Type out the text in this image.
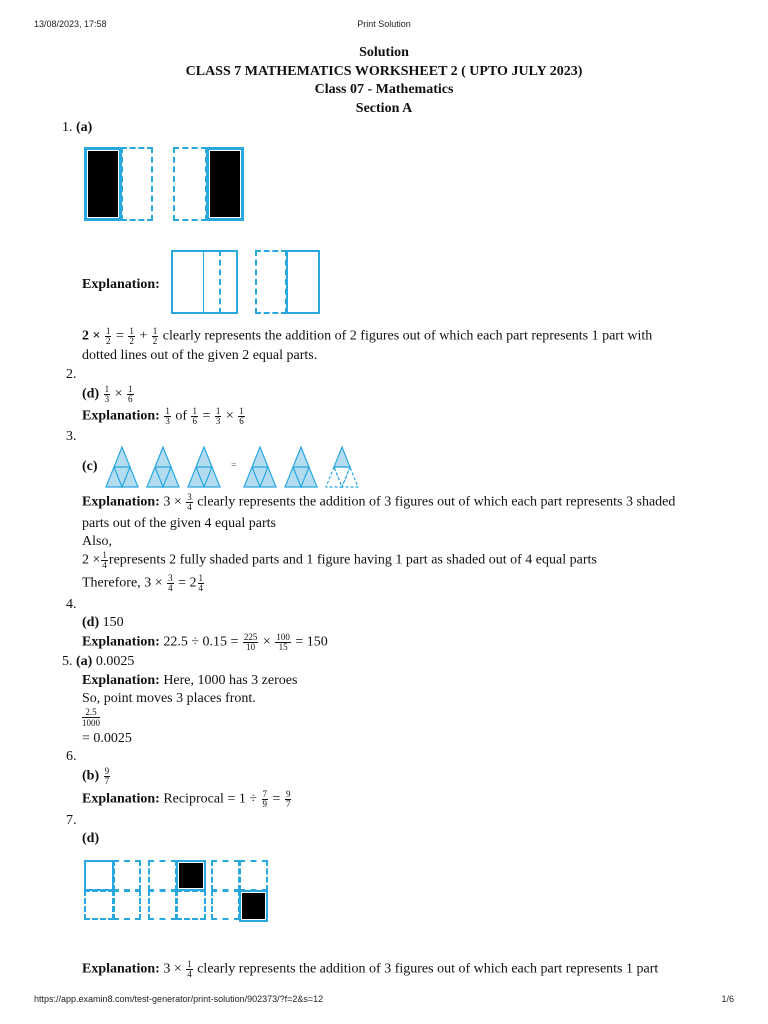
13/08/2023, 17:58	Print Solution
Solution
CLASS 7 MATHEMATICS WORKSHEET 2 ( UPTO JULY 2023)
Class 07 - Mathematics
Section A
1. (a)
Explanation:
$2 \times \frac{1}{2} = \frac{1}{2} + \frac{1}{2}$ clearly represents the addition of 2 figures out of which each part represents 1 part with
dotted lines out of the given 2 equal parts.
2.
$(d) \frac{1}{3} \times \frac{1}{6}$
Explanation: $\frac{1}{3}$ of $\frac{1}{6} = \frac{1}{3} \times \frac{1}{6}$
3.
(c)	=
Explanation: $3 \times \frac{3}{4}$ clearly represents the addition of 3 figures out of which each part represents 3 shaded
parts out of the given 4 equal parts
Also,
$2 \times \frac{1}{4}$ represents 2 fully shaded parts and 1 figure having 1 part as shaded out of 4 equal parts
Therefore, $3 \times \frac{3}{4} = 2 \frac{1}{4}$
4.
(d) 150
Explanation: $22.5 \div 0.15 = \frac{225}{10} \times \frac{100}{15} = 150$
5. (a) 0.0025
Explanation: Here, 1000 has 3 zeroes
So, point moves 3 places front.
$\frac{2.5}{1000}$
= 0.0025
6.
$(b) \frac{9}{7}$
Explanation: Reciprocal = $1 \div \frac{7}{9} = \frac{9}{7}$
7.
(d)
Explanation: $3 \times \frac{1}{4}$ clearly represents the addition of 3 figures out of which each part represents 1 part
https://app.examin8.com/test-generator/print-solution/902373/?f=2&s=12	1/6
